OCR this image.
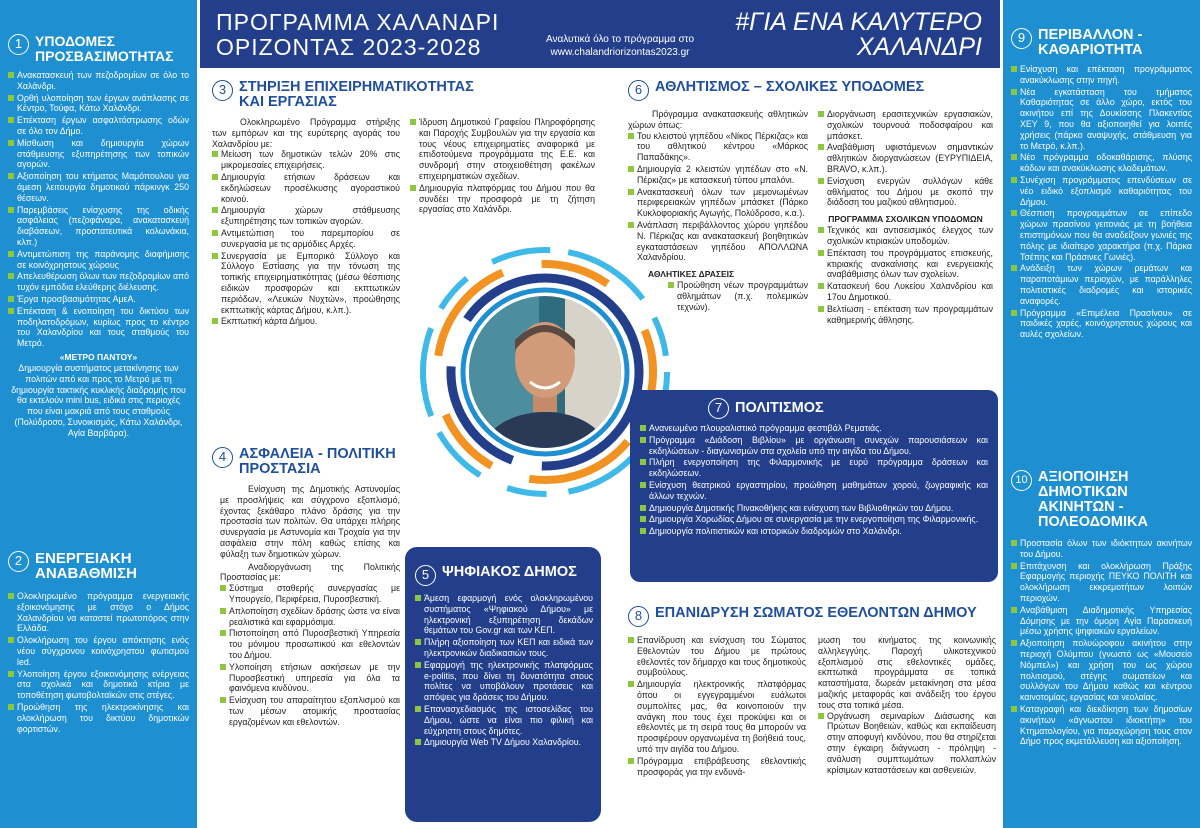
1 ΥΠΟΔΟΜΕΣ ΠΡΟΣΒΑΣΙΜΟΤΗΤΑΣ
Ανακατασκευή των πεζοδρομίων σε όλο το Χαλάνδρι.
Ορθή υλοποίηση των έργων ανάπλασης σε Κέντρο, Τούφα, Κάτω Χαλάνδρι.
Επέκταση έργων ασφαλτόστρωσης οδών σε όλο τον Δήμο.
Μίσθωση και δημιουργία χώρων στάθμευσης εξυπηρέτησης των τοπικών αγορών.
Αξιοποίηση του κτήματος Μαμόπουλου για άμεση λειτουργία δημοτικού πάρκινγκ 250 θέσεων.
Παρεμβάσεις ενίσχυσης της οδικής ασφάλειας (πεζοφάναρα, ανακατασκευή διαβάσεων, προστατευτικά κολωνάκια, κλπ.)
Αντιμετώπιση της παράνομης διαφήμισης σε κοινόχρηστους χώρους
Απελευθέρωση όλων των πεζοδρομίων από τυχόν εμπόδια ελεύθερης διέλευσης.
Έργα προσβασιμότητας ΑμεΑ.
Επέκταση & ενοποίηση του δικτύου των ποδηλατοδρόμων, κυρίως προς το κέντρο του Χαλανδρίου και τους σταθμούς του Μετρό.
«ΜΕΤΡΟ ΠΑΝΤΟΥ»
Δημιουργία συστήματος μετακίνησης των πολιτών από και προς το Μετρό με τη δημιουργία τακτικής κυκλικής διαδρομής που θα εκτελούν mini bus, ειδικά στις περιοχές που είναι μακριά από τους σταθμούς (Πολύδροσο, Συνοικισμός, Κάτω Χαλάνδρι, Αγία Βαρβάρα).
2 ΕΝΕΡΓΕΙΑΚΗ ΑΝΑΒΑΘΜΙΣΗ
Ολοκληρωμένο πρόγραμμα ενεργειακής εξοικονόμησης με στόχο ο Δήμος Χαλανδρίου να καταστεί πρωτοπόρος στην Ελλάδα.
Ολοκλήρωση του έργου απόκτησης ενός νέου σύγχρονου κοινόχρηστου φωτισμού led.
Υλοποίηση έργου εξοικονόμησης ενέργειας στα σχολικά και δημοτικά κτίρια με τοποθέτηση φωτοβολταϊκών στις στέγες.
Προώθηση της ηλεκτροκίνησης και ολοκλήρωση του δικτύου δημοτικών φορτιστών.
ΠΡΟΓΡΑΜΜΑ ΧΑΛΑΝΔΡΙ
ΟΡΙΖΟΝΤΑΣ 2023-2028	Αναλυτικά όλο το πρόγραμμα στο
www.chalandriorizontas2023.gr
#ΓΙΑ ΕΝΑ ΚΑΛΥΤΕΡΟ
ΧΑΛΑΝΔΡΙ
3 ΣΤΗΡΙΞΗ ΕΠΙΧΕΙΡΗΜΑΤΙΚΟΤΗΤΑΣ ΚΑΙ ΕΡΓΑΣΙΑΣ
Ολοκληρωμένο Πρόγραμμα στήριξης των εμπόρων και της ευρύτερης αγοράς του Χαλανδρίου με:
Μείωση των δημοτικών τελών 20% στις μικρομεσαίες επιχειρήσεις.
Δημιουργία ετήσιων δράσεων και εκδηλώσεων προσέλκυσης αγοραστικού κοινού.
Δημιουργία χώρων στάθμευσης εξυπηρέτησης των τοπικών αγορών.
Αντιμετώπιση του παρεμπορίου σε συνεργασία με τις αρμόδιες Αρχές.
Συνεργασία με Εμπορικό Σύλλογο και Σύλλογο Εστίασης για την τόνωση της τοπικής επιχειρηματικότητας (μέσω θέσπισης ειδικών προσφορών και εκπτωτικών περιόδων, «Λευκών Νυχτών», προώθησης εκπτωτικής κάρτας Δήμου, κ.λπ.).
Εκπτωτική κάρτα Δήμου.
Ίδρυση Δημοτικού Γραφείου Πληροφόρησης και Παροχής Συμβουλών για την εργασία και τους νέους επιχειρηματίες αναφορικά με επιδοτούμενα προγράμματα της Ε.Ε. και συνδρομή στην στοιχειοθέτηση φακέλων επιχειρηματικών σχεδίων.
Δημιουργία πλατφόρμας του Δήμου που θα συνδέει την προσφορά με τη ζήτηση εργασίας στο Χαλάνδρι.
4 ΑΣΦΑΛΕΙΑ - ΠΟΛΙΤΙΚΗ ΠΡΟΣΤΑΣΙΑ
Ενίσχυση της Δημοτικής Αστυνομίας με προσλήψεις και σύγχρονο εξοπλισμό, έχοντας ξεκάθαρο πλάνο δράσης για την προστασία των πολιτών. Θα υπάρχει πλήρης συνεργασία με Αστυνομία και Τροχαία για την ασφάλεια στην πόλη καθώς επίσης και φύλαξη των δημοτικών χώρων.
Αναδιοργάνωση της Πολιτικής Προστασίας με:
Σύστημα σταθερής συνεργασίας με Υπουργείο, Περιφέρεια, Πυροσβεστική.
Απλοποίηση σχεδίων δράσης ώστε να είναι ρεαλιστικά και εφαρμόσιμα.
Πιστοποίηση από Πυροσβεστική Υπηρεσία του μόνιμου προσωπικού και εθελοντών του Δήμου.
Υλοποίηση ετήσιων ασκήσεων με την Πυροσβεστική υπηρεσία για όλα τα φαινόμενα κινδύνου.
Ενίσχυση του απαραίτητου εξοπλισμού και των μέσων ατομικής προστασίας εργαζομένων και εθελοντών.
5 ΨΗΦΙΑΚΟΣ ΔΗΜΟΣ
Άμεση εφαρμογή ενός ολοκληρωμένου συστήματος «Ψηφιακού Δήμου» με ηλεκτρονική εξυπηρέτηση δεκάδων θεμάτων του Gov.gr και των ΚΕΠ.
Πλήρη αξιοποίηση των ΚΕΠ και ειδικά των ηλεκτρονικών διαδικασιών τους.
Εφαρμογή της ηλεκτρονικής πλατφόρμας e-politis, που δίνει τη δυνατότητα στους πολίτες να υποβάλουν προτάσεις και απόψεις για δράσεις του Δήμου.
Επανασχεδιασμός της ιστοσελίδας του Δήμου, ώστε να είναι πιο φιλική και εύχρηστη στους δημότες.
Δημιουργία Web TV Δήμου Χαλανδρίου.
6 ΑΘΛΗΤΙΣΜΟΣ – ΣΧΟΛΙΚΕΣ ΥΠΟΔΟΜΕΣ
Πρόγραμμα ανακατασκευής αθλητικών χώρων όπως:
Του κλειστού γηπέδου «Νίκος Πέρκιζας» και του αθλητικού κέντρου «Μάρκος Παπαδάκης».
Δημιουργία 2 κλειστών γηπέδων στο «Ν. Πέρκιζας» με κατασκευή τύπου μπαλόνι.
Ανακατασκευή όλων των μεμονωμένων περιφερειακών γηπέδων μπάσκετ (Πάρκο Κυκλοφοριακής Αγωγής, Πολύδροσο, κ.α.).
Ανάπλαση περιβάλλοντος χώρου γηπέδου Ν. Πέρκιζας και ανακατασκευή βοηθητικών εγκαταστάσεων γηπέδου ΑΠΟΛΛΩΝΑ Χαλανδρίου.
ΑΘΛΗΤΙΚΕΣ ΔΡΑΣΕΙΣ
Προώθηση νέων προγραμμάτων αθλημάτων (π.χ. πολεμικών τεχνών).
Διοργάνωση ερασιτεχνικών εργασιακών, σχολικών τουρνουά ποδοσφαίρου και μπάσκετ.
Αναβάθμιση υφιστάμενων σημαντικών αθλητικών διοργανώσεων (ΕΥΡΥΠΙΔΕΙΑ, BRAVO, κ.λπ.).
Ενίσχυση ενεργών συλλόγων κάθε αθλήματος του Δήμου με σκοπό την διάδοση του μαζικού αθλητισμού.
ΠΡΟΓΡΑΜΜΑ ΣΧΟΛΙΚΩΝ ΥΠΟΔΟΜΩΝ
Τεχνικός και αντισεισμικός έλεγχος των σχολικών κτιριακών υποδομών.
Επέκταση του προγράμματος επισκευής, κτιριακής ανακαίνισης και ενεργειακής αναβάθμισης όλων των σχολείων.
Κατασκευή 6ου Λυκείου Χαλανδρίου και 17ου Δημοτικού.
Βελτίωση - επέκταση των προγραμμάτων καθημερινής άθλησης.
7 ΠΟΛΙΤΙΣΜΟΣ
Ανανεωμένο πλουραλιστικό πρόγραμμα φεστιβάλ Ρεματιάς.
Πρόγραμμα «Διάδοση Βιβλίου» με οργάνωση συνεχών παρουσιάσεων και εκδηλώσεων - διαγωνισμών στα σχολεία υπό την αιγίδα του Δήμου.
Πλήρη ενεργοποίηση της Φιλαρμονικής με ευρύ πρόγραμμα δράσεων και εκδηλώσεων.
Ενίσχυση θεατρικού εργαστηρίου, προώθηση μαθημάτων χορού, ζωγραφικής και άλλων τεχνών.
Δημιουργία Δημοτικής Πινακοθήκης και ενίσχυση των Βιβλιοθηκών του Δήμου.
Δημιουργία Χορωδίας Δήμου σε συνεργασία με την ενεργοποίηση της Φιλαρμονικής.
Δημιουργία πολιτιστικών και ιστορικών διαδρομών στο Χαλάνδρι.
8 ΕΠΑΝΙΔΡΥΣΗ ΣΩΜΑΤΟΣ ΕΘΕΛΟΝΤΩΝ ΔΗΜΟΥ
Επανίδρυση και ενίσχυση του Σώματος Εθελοντών του Δήμου με πρώτους εθελοντές τον δήμαρχο και τους δημοτικούς συμβούλους.
Δημιουργία ηλεκτρονικής πλατφόρμας όπου οι εγγεγραμμένοι ευάλωτοι συμπολίτες μας, θα κοινοποιούν την ανάγκη που τους έχει προκύψει και οι εθελοντές με τη σειρά τους θα μπορούν να προσφέρουν οργανωμένα τη βοήθειά τους, υπό την αιγίδα του Δήμου.
Πρόγραμμα επιβράβευσης εθελοντικής προσφοράς για την ενδυνά-
μωση του κινήματος της κοινωνικής αλληλεγγύης. Παροχή υλικοτεχνικού εξοπλισμού στις εθελοντικές ομάδες, εκπτωτικά προγράμματα σε τοπικά καταστήματα, δωρεάν μετακίνηση στα μέσα μαζικής μεταφοράς και ανάδειξη του έργου τους στα τοπικά μέσα.
Οργάνωση σεμιναρίων Διάσωσης και Πρώτων Βοηθειών, καθώς και εκπαίδευση στην αποφυγή κινδύνου, που θα στηρίζεται στην έγκαιρη διάγνωση - πρόληψη - ανάλυση συμπτωμάτων πολλαπλών κρίσιμων καταστάσεων και ασθενειών.
9 ΠΕΡΙΒΑΛΛΟΝ - ΚΑΘΑΡΙΟΤΗΤΑ
Ενίσχυση και επέκταση προγράμματος ανακύκλωσης στην πηγή.
Νέα εγκατάσταση του τμήματος Καθαριότητας σε άλλο χώρο, εκτός του ακινήτου επί της Δουκίσσης Πλακεντίας ΧΕΥ 9, που θα αξιοποιηθεί για λοιπές χρήσεις (πάρκο αναψυχής, στάθμευση για το Μετρό, κ.λπ.).
Νέο πρόγραμμα οδοκαθάρισης, πλύσης κάδων και ανακύκλωσης κλαδεμάτων.
Συνέχιση προγράμματος επενδύσεων σε νέο ειδικό εξοπλισμό καθαριότητας του Δήμου.
Θέσπιση προγραμμάτων σε επίπεδο χώρων πρασίνου γειτονιάς με τη βοήθεια επιστημόνων που θα αναδείξουν γωνιές της πόλης με ιδιαίτερο χαρακτήρα (π.χ. Πάρκα Τσέπης και Πράσινες Γωνιές).
Ανάδειξη των χώρων ρεμάτων και παραποτάμιων περιοχών, με παράλληλες πολιτιστικές διαδρομές και ιστορικές αναφορές.
Πρόγραμμα «Επιμέλεια Πρασίνου» σε παιδικές χαρές, κοινόχρηστους χώρους και αυλές σχολείων.
10 ΑΞΙΟΠΟΙΗΣΗ ΔΗΜΟΤΙΚΩΝ ΑΚΙΝΗΤΩΝ - ΠΟΛΕΟΔΟΜΙΚΑ
Προστασία όλων των ιδιόκτητων ακινήτων του Δήμου.
Επιτάχυνση και ολοκλήρωση Πράξης Εφαρμογής περιοχής ΠΕΥΚΟ ΠΟΛΙΤΗ και ολοκλήρωση εκκρεμοτήτων λοιπών περιοχών.
Αναβάθμιση Διαδημοτικής Υπηρεσίας Δόμησης με την όμορη Αγία Παρασκευή μέσω χρήσης ψηφιακών εργαλείων.
Αξιοποίηση πολυώροφου ακινήτου στην περιοχή Ολύμπου (γνωστό ως «Μουσείο Νόμπελ») και χρήση του ως χώρου πολιτισμού, στέγης σωματείων και συλλόγων του Δήμου καθώς και κέντρου καινοτομίας, εργασίας και νεολαίας.
Καταγραφή και διεκδίκηση των δημοσίων ακινήτων «άγνωστου ιδιοκτήτη» του Κτηματολογίου, για παραχώρηση τους στον Δήμο προς εκμετάλλευση και αξιοποίηση.
